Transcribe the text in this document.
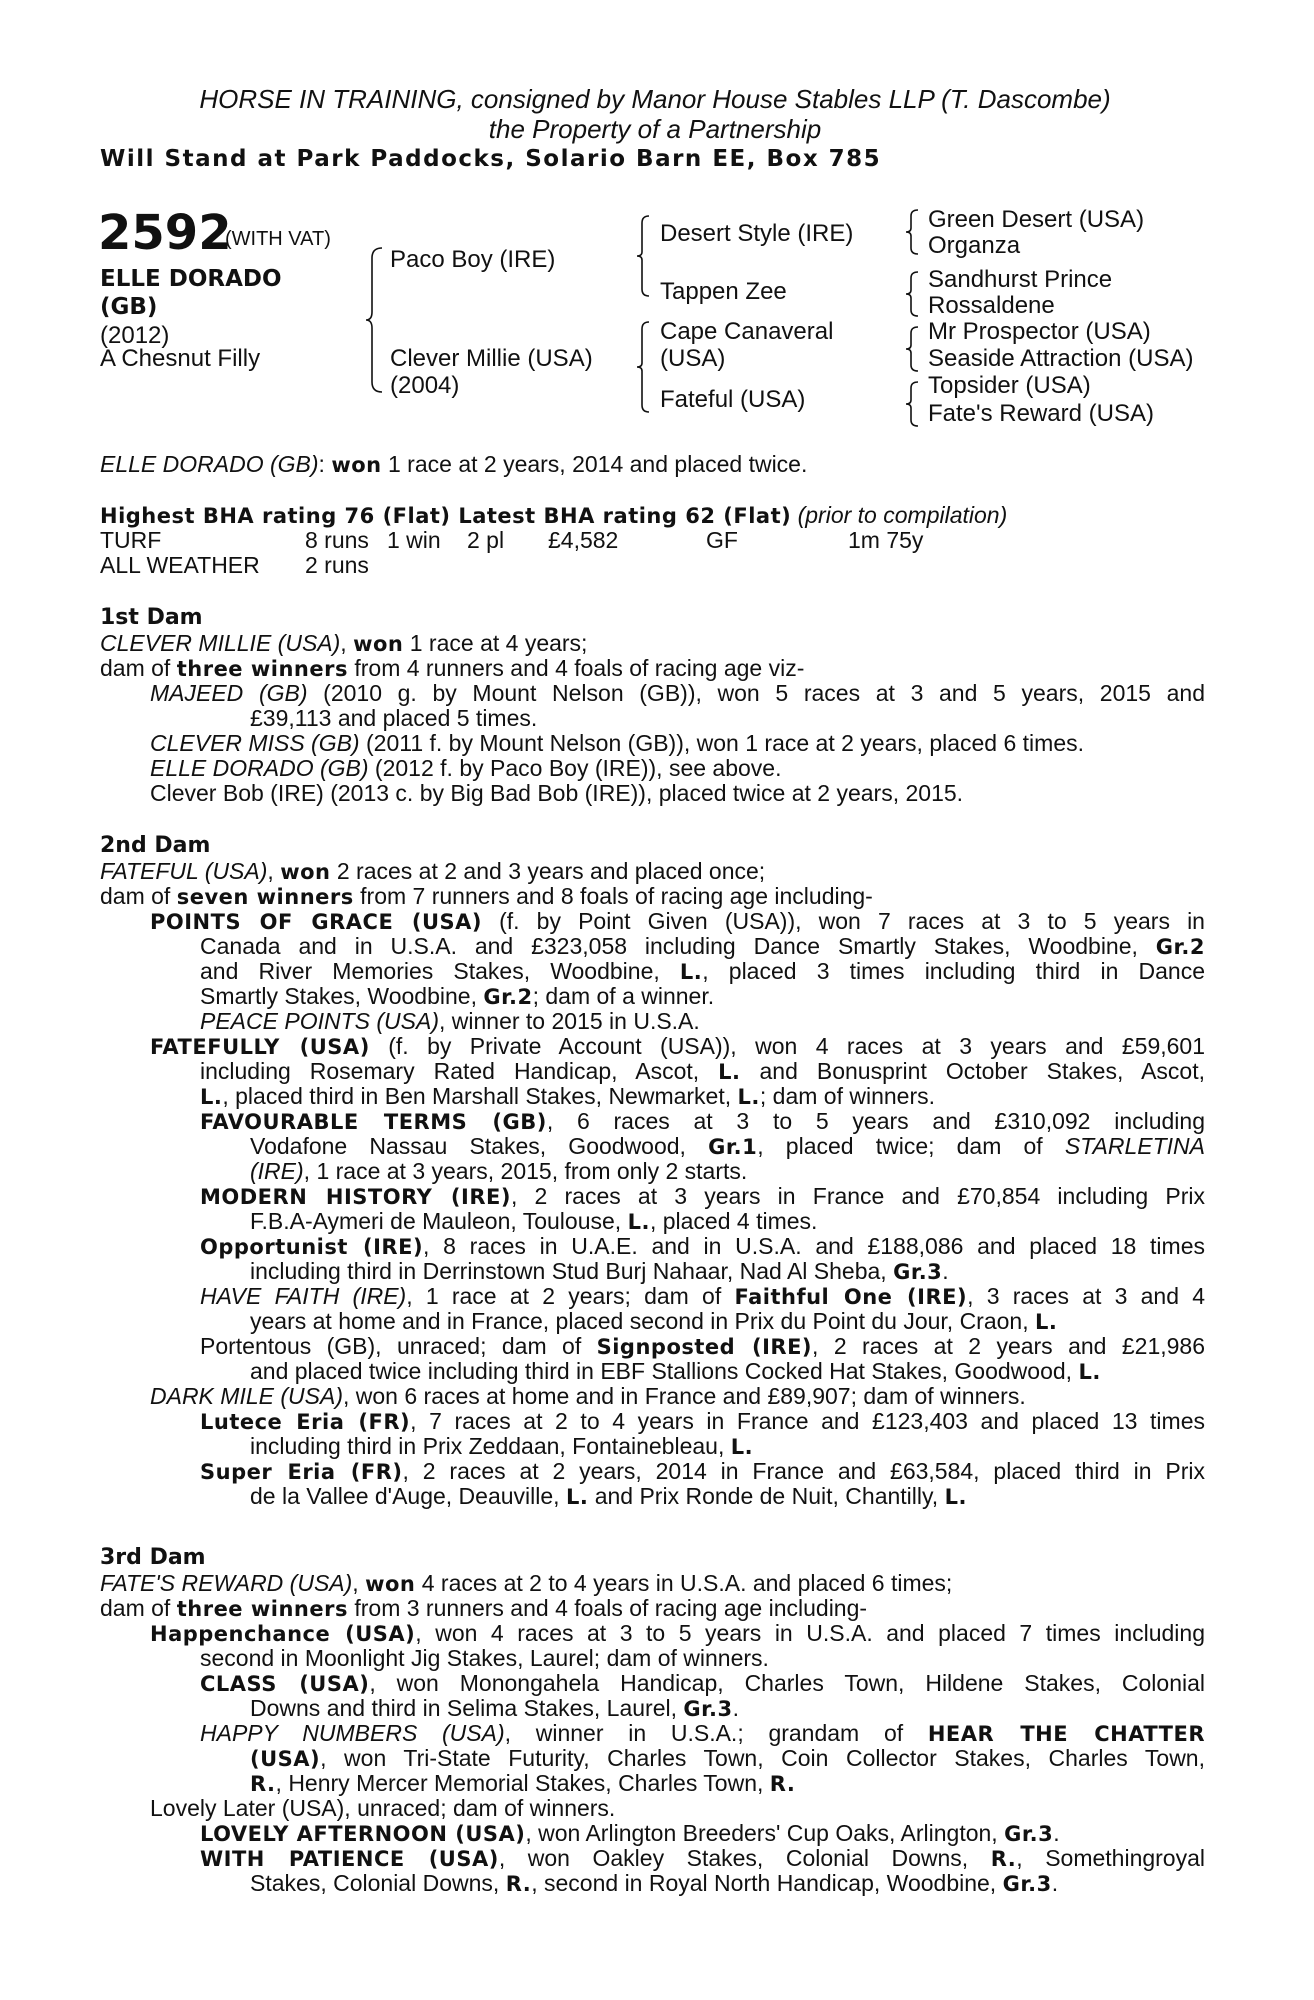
HORSE IN TRAINING, consigned by Manor House Stables LLP (T. Dascombe)
the Property of a Partnership
Will Stand at Park Paddocks, Solario Barn EE, Box 785
2592
(WITH VAT)
ELLE DORADO
(GB)
(2012)
A Chesnut Filly
Paco Boy (IRE)
Clever Millie (USA)
(2004)
Desert Style (IRE)
Tappen Zee
Cape Canaveral
(USA)
Fateful (USA)
Green Desert (USA)
Organza
Sandhurst Prince
Rossaldene
Mr Prospector (USA)
Seaside Attraction (USA)
Topsider (USA)
Fate's Reward (USA)
ELLE DORADO (GB): won 1 race at 2 years, 2014 and placed twice.
Highest BHA rating 76 (Flat) Latest BHA rating 62 (Flat) (prior to compilation)
TURF	8 runs 1 win 2 pl £4,582	GF	1m 75y
ALL WEATHER 2 runs
1st Dam
CLEVER MILLIE (USA), won 1 race at 4 years;
dam of three winners from 4 runners and 4 foals of racing age viz-
MAJEED (GB) (2010 g. by Mount Nelson (GB)), won 5 races at 3 and 5 years, 2015 and
£39,113 and placed 5 times.
CLEVER MISS (GB) (2011 f. by Mount Nelson (GB)), won 1 race at 2 years, placed 6 times.
ELLE DORADO (GB) (2012 f. by Paco Boy (IRE)), see above.
Clever Bob (IRE) (2013 c. by Big Bad Bob (IRE)), placed twice at 2 years, 2015.
2nd Dam
FATEFUL (USA), won 2 races at 2 and 3 years and placed once;
dam of seven winners from 7 runners and 8 foals of racing age including-
POINTS OF GRACE (USA) (f. by Point Given (USA)), won 7 races at 3 to 5 years in
Canada and in U.S.A. and £323,058 including Dance Smartly Stakes, Woodbine, Gr.2
and River Memories Stakes, Woodbine, L., placed 3 times including third in Dance
Smartly Stakes, Woodbine, Gr.2; dam of a winner.
PEACE POINTS (USA), winner to 2015 in U.S.A.
FATEFULLY (USA) (f. by Private Account (USA)), won 4 races at 3 years and £59,601
including Rosemary Rated Handicap, Ascot, L. and Bonusprint October Stakes, Ascot,
L., placed third in Ben Marshall Stakes, Newmarket, L.; dam of winners.
FAVOURABLE TERMS (GB), 6 races at 3 to 5 years and £310,092 including
Vodafone Nassau Stakes, Goodwood, Gr.1, placed twice; dam of STARLETINA
(IRE), 1 race at 3 years, 2015, from only 2 starts.
MODERN HISTORY (IRE), 2 races at 3 years in France and £70,854 including Prix
F.B.A-Aymeri de Mauleon, Toulouse, L., placed 4 times.
Opportunist (IRE), 8 races in U.A.E. and in U.S.A. and £188,086 and placed 18 times
including third in Derrinstown Stud Burj Nahaar, Nad Al Sheba, Gr.3.
HAVE FAITH (IRE), 1 race at 2 years; dam of Faithful One (IRE), 3 races at 3 and 4
years at home and in France, placed second in Prix du Point du Jour, Craon, L.
Portentous (GB), unraced; dam of Signposted (IRE), 2 races at 2 years and £21,986
and placed twice including third in EBF Stallions Cocked Hat Stakes, Goodwood, L.
DARK MILE (USA), won 6 races at home and in France and £89,907; dam of winners.
Lutece Eria (FR), 7 races at 2 to 4 years in France and £123,403 and placed 13 times
including third in Prix Zeddaan, Fontainebleau, L.
Super Eria (FR), 2 races at 2 years, 2014 in France and £63,584, placed third in Prix
de la Vallee d'Auge, Deauville, L. and Prix Ronde de Nuit, Chantilly, L.
3rd Dam
FATE'S REWARD (USA), won 4 races at 2 to 4 years in U.S.A. and placed 6 times;
dam of three winners from 3 runners and 4 foals of racing age including-
Happenchance (USA), won 4 races at 3 to 5 years in U.S.A. and placed 7 times including
second in Moonlight Jig Stakes, Laurel; dam of winners.
CLASS (USA), won Monongahela Handicap, Charles Town, Hildene Stakes, Colonial
Downs and third in Selima Stakes, Laurel, Gr.3.
HAPPY NUMBERS (USA), winner in U.S.A.; grandam of HEAR THE CHATTER
(USA), won Tri-State Futurity, Charles Town, Coin Collector Stakes, Charles Town,
R., Henry Mercer Memorial Stakes, Charles Town, R.
Lovely Later (USA), unraced; dam of winners.
LOVELY AFTERNOON (USA), won Arlington Breeders' Cup Oaks, Arlington, Gr.3.
WITH PATIENCE (USA), won Oakley Stakes, Colonial Downs, R., Somethingroyal
Stakes, Colonial Downs, R., second in Royal North Handicap, Woodbine, Gr.3.
